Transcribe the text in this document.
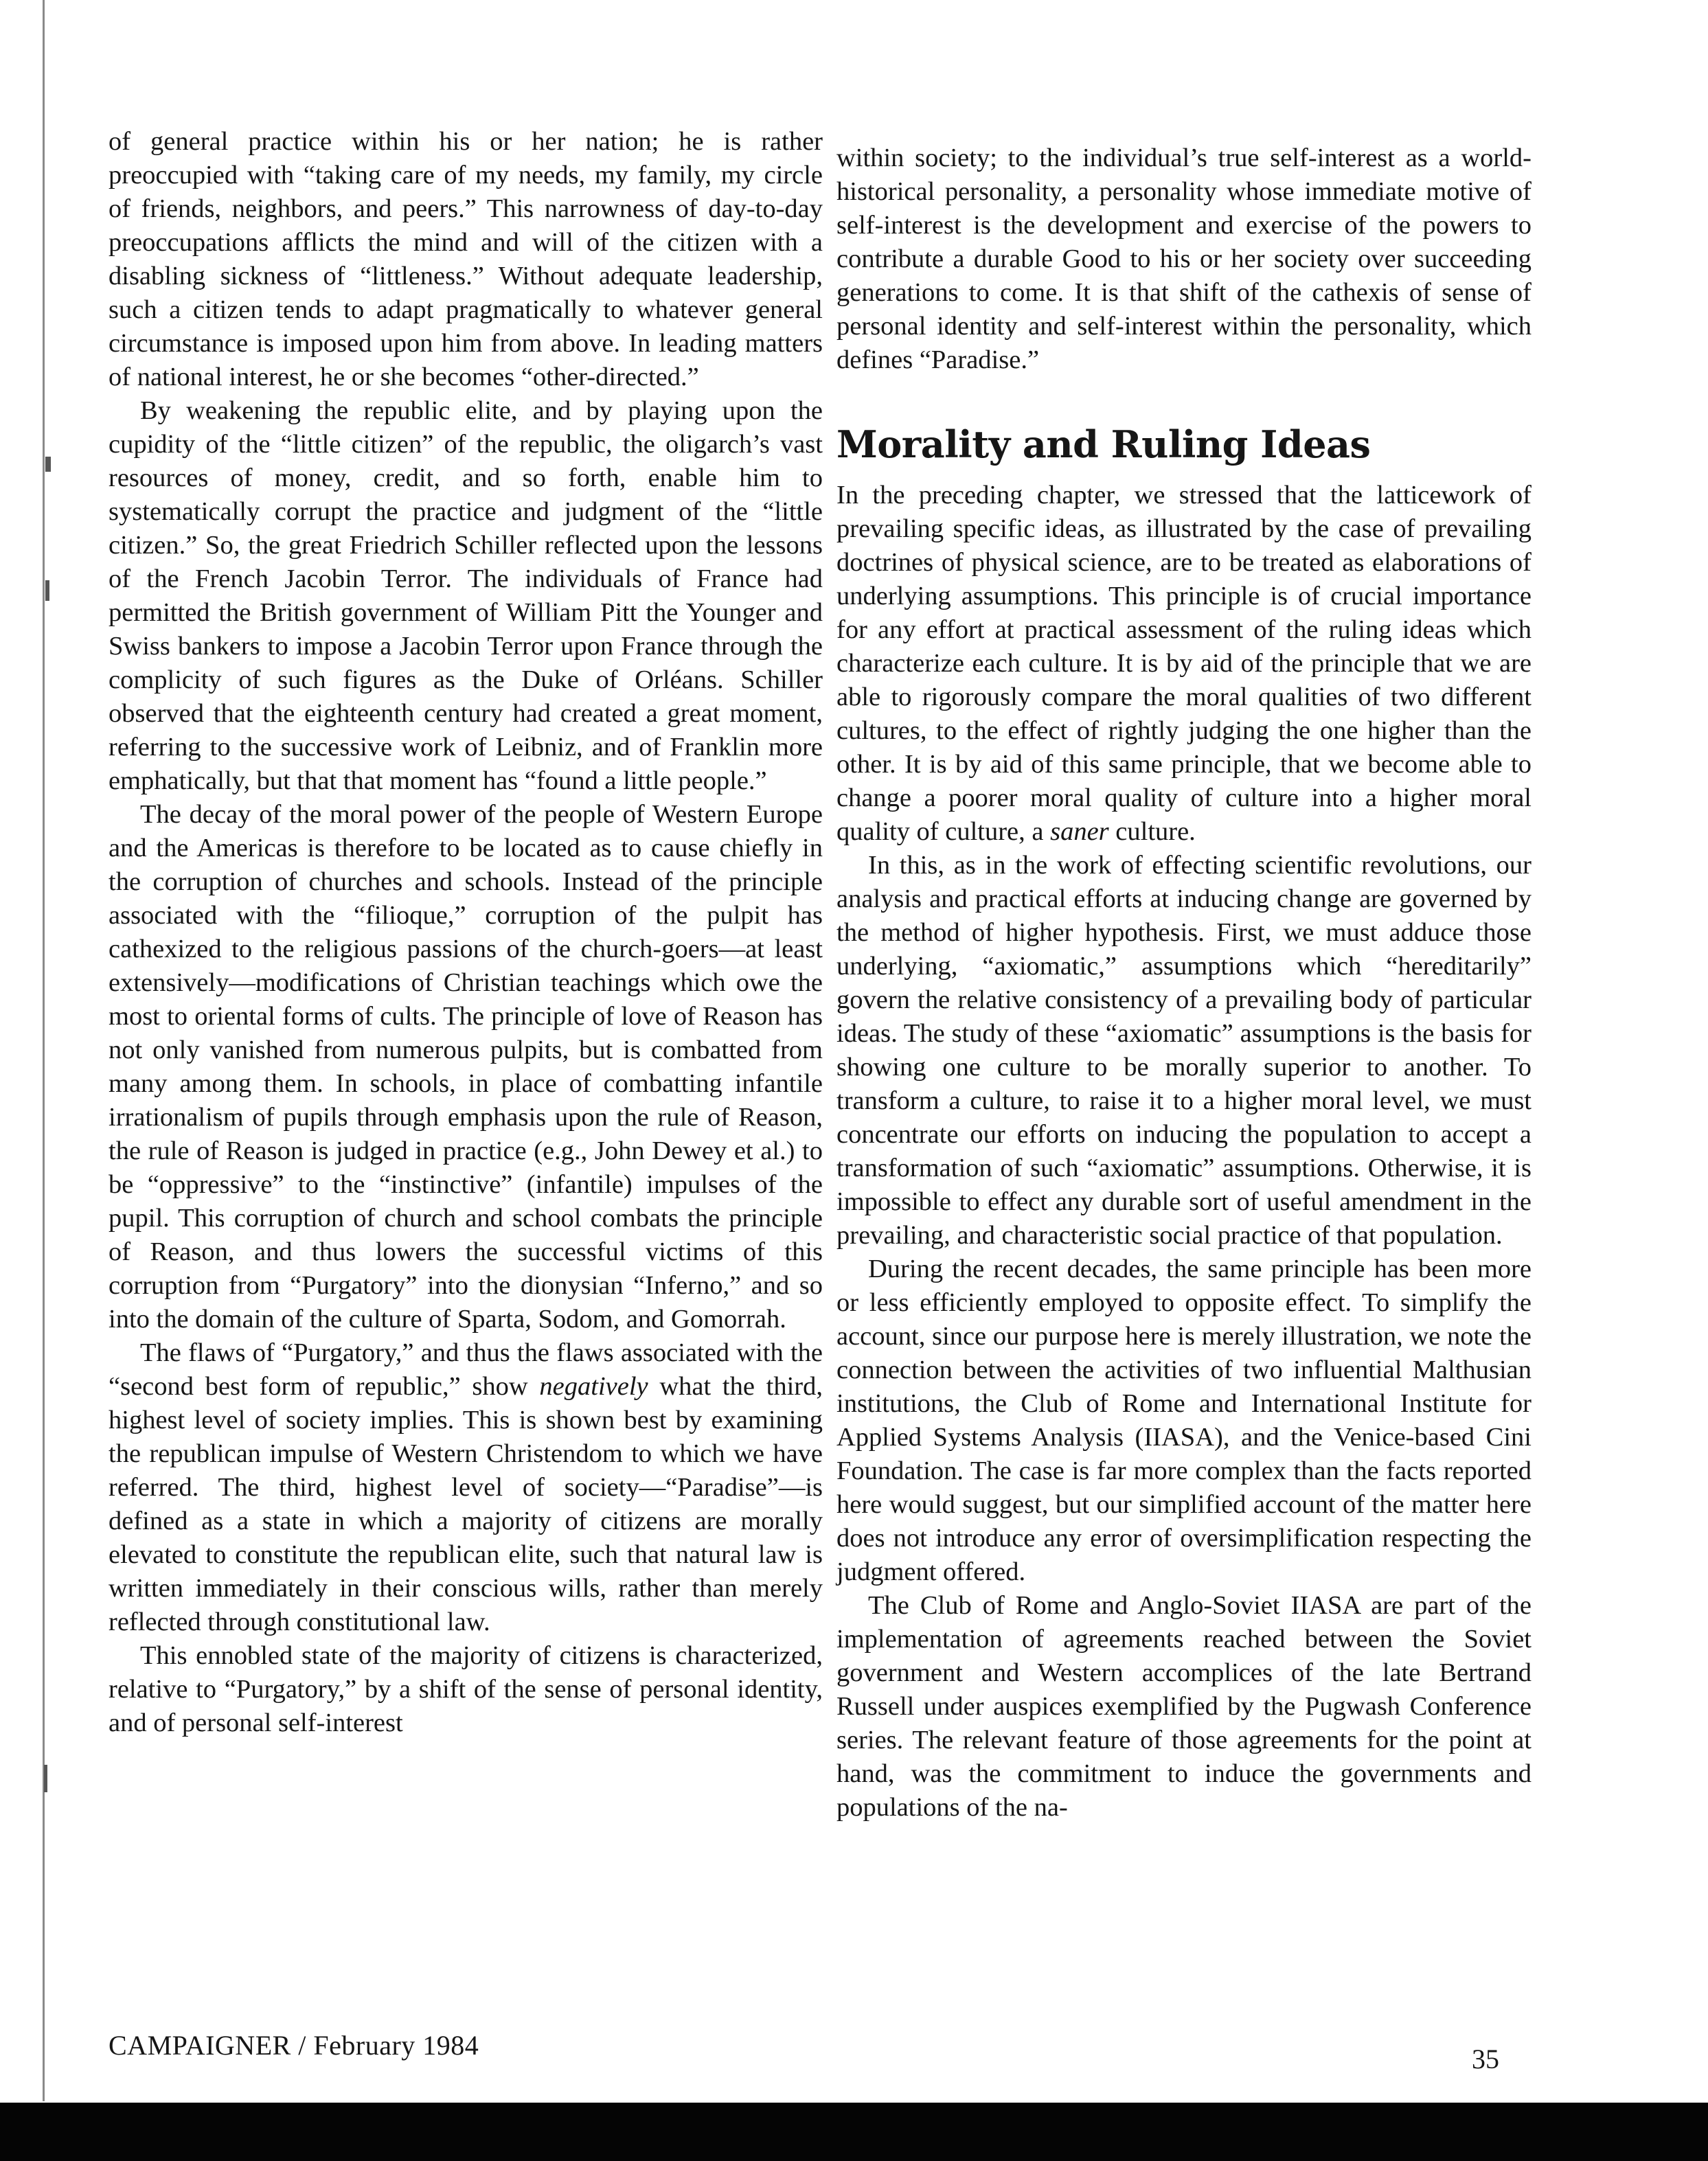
of general practice within his or her nation; he is rather preoccupied with “taking care of my needs, my family, my circle of friends, neighbors, and peers.” This narrowness of day-to-day preoccupations afflicts the mind and will of the citizen with a disabling sickness of “littleness.” Without adequate leadership, such a citizen tends to adapt pragmatically to whatever general circumstance is imposed upon him from above. In leading matters of national interest, he or she becomes “other-directed.”

By weakening the republic elite, and by playing upon the cupidity of the “little citizen” of the republic, the oligarch’s vast resources of money, credit, and so forth, enable him to systematically corrupt the practice and judgment of the “little citizen.” So, the great Friedrich Schiller reflected upon the lessons of the French Jacobin Terror. The individuals of France had permitted the British government of William Pitt the Younger and Swiss bankers to impose a Jacobin Terror upon France through the complicity of such figures as the Duke of Orléans. Schiller observed that the eighteenth century had created a great moment, referring to the successive work of Leibniz, and of Franklin more emphatically, but that that moment has “found a little people.”

The decay of the moral power of the people of Western Europe and the Americas is therefore to be located as to cause chiefly in the corruption of churches and schools. Instead of the principle associated with the “filioque,” corruption of the pulpit has cathexized to the religious passions of the church-goers—at least extensively—modifications of Christian teachings which owe the most to oriental forms of cults. The principle of love of Reason has not only vanished from numerous pulpits, but is combatted from many among them. In schools, in place of combatting infantile irrationalism of pupils through emphasis upon the rule of Reason, the rule of Reason is judged in practice (e.g., John Dewey et al.) to be “oppressive” to the “instinctive” (infantile) impulses of the pupil. This corruption of church and school combats the principle of Reason, and thus lowers the successful victims of this corruption from “Purgatory” into the dionysian “Inferno,” and so into the domain of the culture of Sparta, Sodom, and Gomorrah.

The flaws of “Purgatory,” and thus the flaws associated with the “second best form of republic,” show negatively what the third, highest level of society implies. This is shown best by examining the republican impulse of Western Christendom to which we have referred. The third, highest level of society—“Paradise”—is defined as a state in which a majority of citizens are morally elevated to constitute the republican elite, such that natural law is written immediately in their conscious wills, rather than merely reflected through constitutional law.

This ennobled state of the majority of citizens is characterized, relative to “Purgatory,” by a shift of the sense of personal identity, and of personal self-interest

within society; to the individual’s true self-interest as a world-historical personality, a personality whose immediate motive of self-interest is the development and exercise of the powers to contribute a durable Good to his or her society over succeeding generations to come. It is that shift of the cathexis of sense of personal identity and self-interest within the personality, which defines “Paradise.”

Morality and Ruling Ideas

In the preceding chapter, we stressed that the latticework of prevailing specific ideas, as illustrated by the case of prevailing doctrines of physical science, are to be treated as elaborations of underlying assumptions. This principle is of crucial importance for any effort at practical assessment of the ruling ideas which characterize each culture. It is by aid of the principle that we are able to rigorously compare the moral qualities of two different cultures, to the effect of rightly judging the one higher than the other. It is by aid of this same principle, that we become able to change a poorer moral quality of culture into a higher moral quality of culture, a saner culture.

In this, as in the work of effecting scientific revolutions, our analysis and practical efforts at inducing change are governed by the method of higher hypothesis. First, we must adduce those underlying, “axiomatic,” assumptions which “hereditarily” govern the relative consistency of a prevailing body of particular ideas. The study of these “axiomatic” assumptions is the basis for showing one culture to be morally superior to another. To transform a culture, to raise it to a higher moral level, we must concentrate our efforts on inducing the population to accept a transformation of such “axiomatic” assumptions. Otherwise, it is impossible to effect any durable sort of useful amendment in the prevailing, and characteristic social practice of that population.

During the recent decades, the same principle has been more or less efficiently employed to opposite effect. To simplify the account, since our purpose here is merely illustration, we note the connection between the activities of two influential Malthusian institutions, the Club of Rome and International Institute for Applied Systems Analysis (IIASA), and the Venice-based Cini Foundation. The case is far more complex than the facts reported here would suggest, but our simplified account of the matter here does not introduce any error of oversimplification respecting the judgment offered.

The Club of Rome and Anglo-Soviet IIASA are part of the implementation of agreements reached between the Soviet government and Western accomplices of the late Bertrand Russell under auspices exemplified by the Pugwash Conference series. The relevant feature of those agreements for the point at hand, was the commitment to induce the governments and populations of the na-

CAMPAIGNER / February 1984	35
